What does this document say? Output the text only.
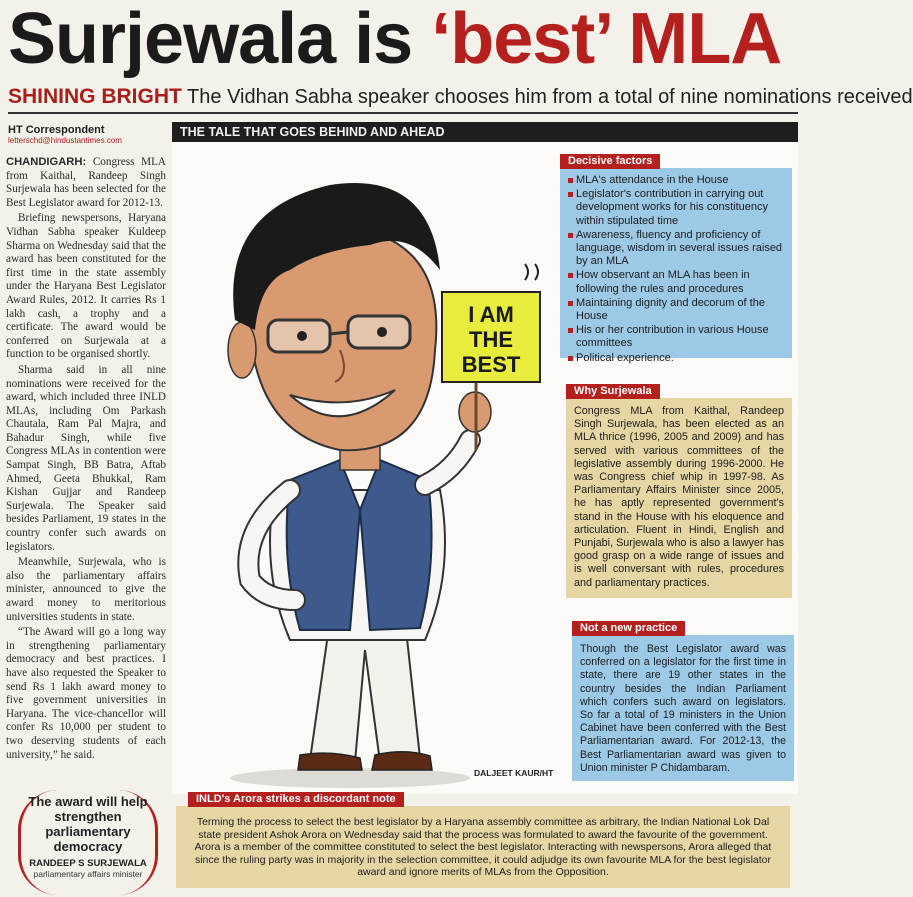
Surjewala is ‘best’ MLA
SHINING BRIGHT The Vidhan Sabha speaker chooses him from a total of nine nominations received
HT Correspondent
letterschd@hindustantimes.com

CHANDIGARH: Congress MLA from Kaithal, Randeep Singh Surjewala has been selected for the Best Legislator award for 2012-13.

Briefing newspersons, Haryana Vidhan Sabha speaker Kuldeep Sharma on Wednesday said that the award has been constituted for the first time in the state assembly under the Haryana Best Legislator Award Rules, 2012. It carries Rs 1 lakh cash, a trophy and a certificate. The award would be conferred on Surjewala at a function to be organised shortly.

Sharma said in all nine nominations were received for the award, which included three INLD MLAs, including Om Parkash Chautala, Ram Pal Majra, and Bahadur Singh, while five Congress MLAs in contention were Sampat Singh, BB Batra, Aftab Ahmed, Geeta Bhukkal, Ram Kishan Gujjar and Randeep Surjewala. The Speaker said besides Parliament, 19 states in the country confer such awards on legislators.

Meanwhile, Surjewala, who is also the parliamentary affairs minister, announced to give the award money to meritorious universities students in state.

“The Award will go a long way in strengthening parliamentary democracy and best practices. I have also requested the Speaker to send Rs 1 lakh award money to five government universities in Haryana. The vice-chancellor will confer Rs 10,000 per student to two deserving students of each university,” he said.

The award will help strengthen parliamentary democracy
RANDEEP S SURJEWALA
parliamentary affairs minister
THE TALE THAT GOES BEHIND AND AHEAD
I AM
THE
BEST
DALJEET KAUR/HT
Decisive factors
MLA's attendance in the House
Legislator's contribution in carrying out development works for his constituency within stipulated time
Awareness, fluency and proficiency of language, wisdom in several issues raised by an MLA
How observant an MLA has been in following the rules and procedures
Maintaining dignity and decorum of the House
His or her contribution in various House committees
Political experience.
Why Surjewala
Congress MLA from Kaithal, Randeep Singh Surjewala, has been elected as an MLA thrice (1996, 2005 and 2009) and has served with various committees of the legislative assembly during 1996-2000. He was Congress chief whip in 1997-98. As Parliamentary Affairs Minister since 2005, he has aptly represented government's stand in the House with his eloquence and articulation. Fluent in Hindi, English and Punjabi, Surjewala who is also a lawyer has good grasp on a wide range of issues and is well conversant with rules, procedures and parliamentary practices.
Not a new practice
Though the Best Legislator award was conferred on a legislator for the first time in state, there are 19 other states in the country besides the Indian Parliament which confers such award on legislators. So far a total of 19 ministers in the Union Cabinet have been conferred with the Best Parliamentarian award. For 2012-13, the Best Parliamentarian award was given to Union minister P Chidambaram.
INLD's Arora strikes a discordant note
Terming the process to select the best legislator by a Haryana assembly committee as arbitrary, the Indian National Lok Dal state president Ashok Arora on Wednesday said that the process was formulated to award the favourite of the government. Arora is a member of the committee constituted to select the best legislator. Interacting with newspersons, Arora alleged that since the ruling party was in majority in the selection committee, it could adjudge its own favourite MLA for the best legislator award and ignore merits of MLAs from the Opposition.
